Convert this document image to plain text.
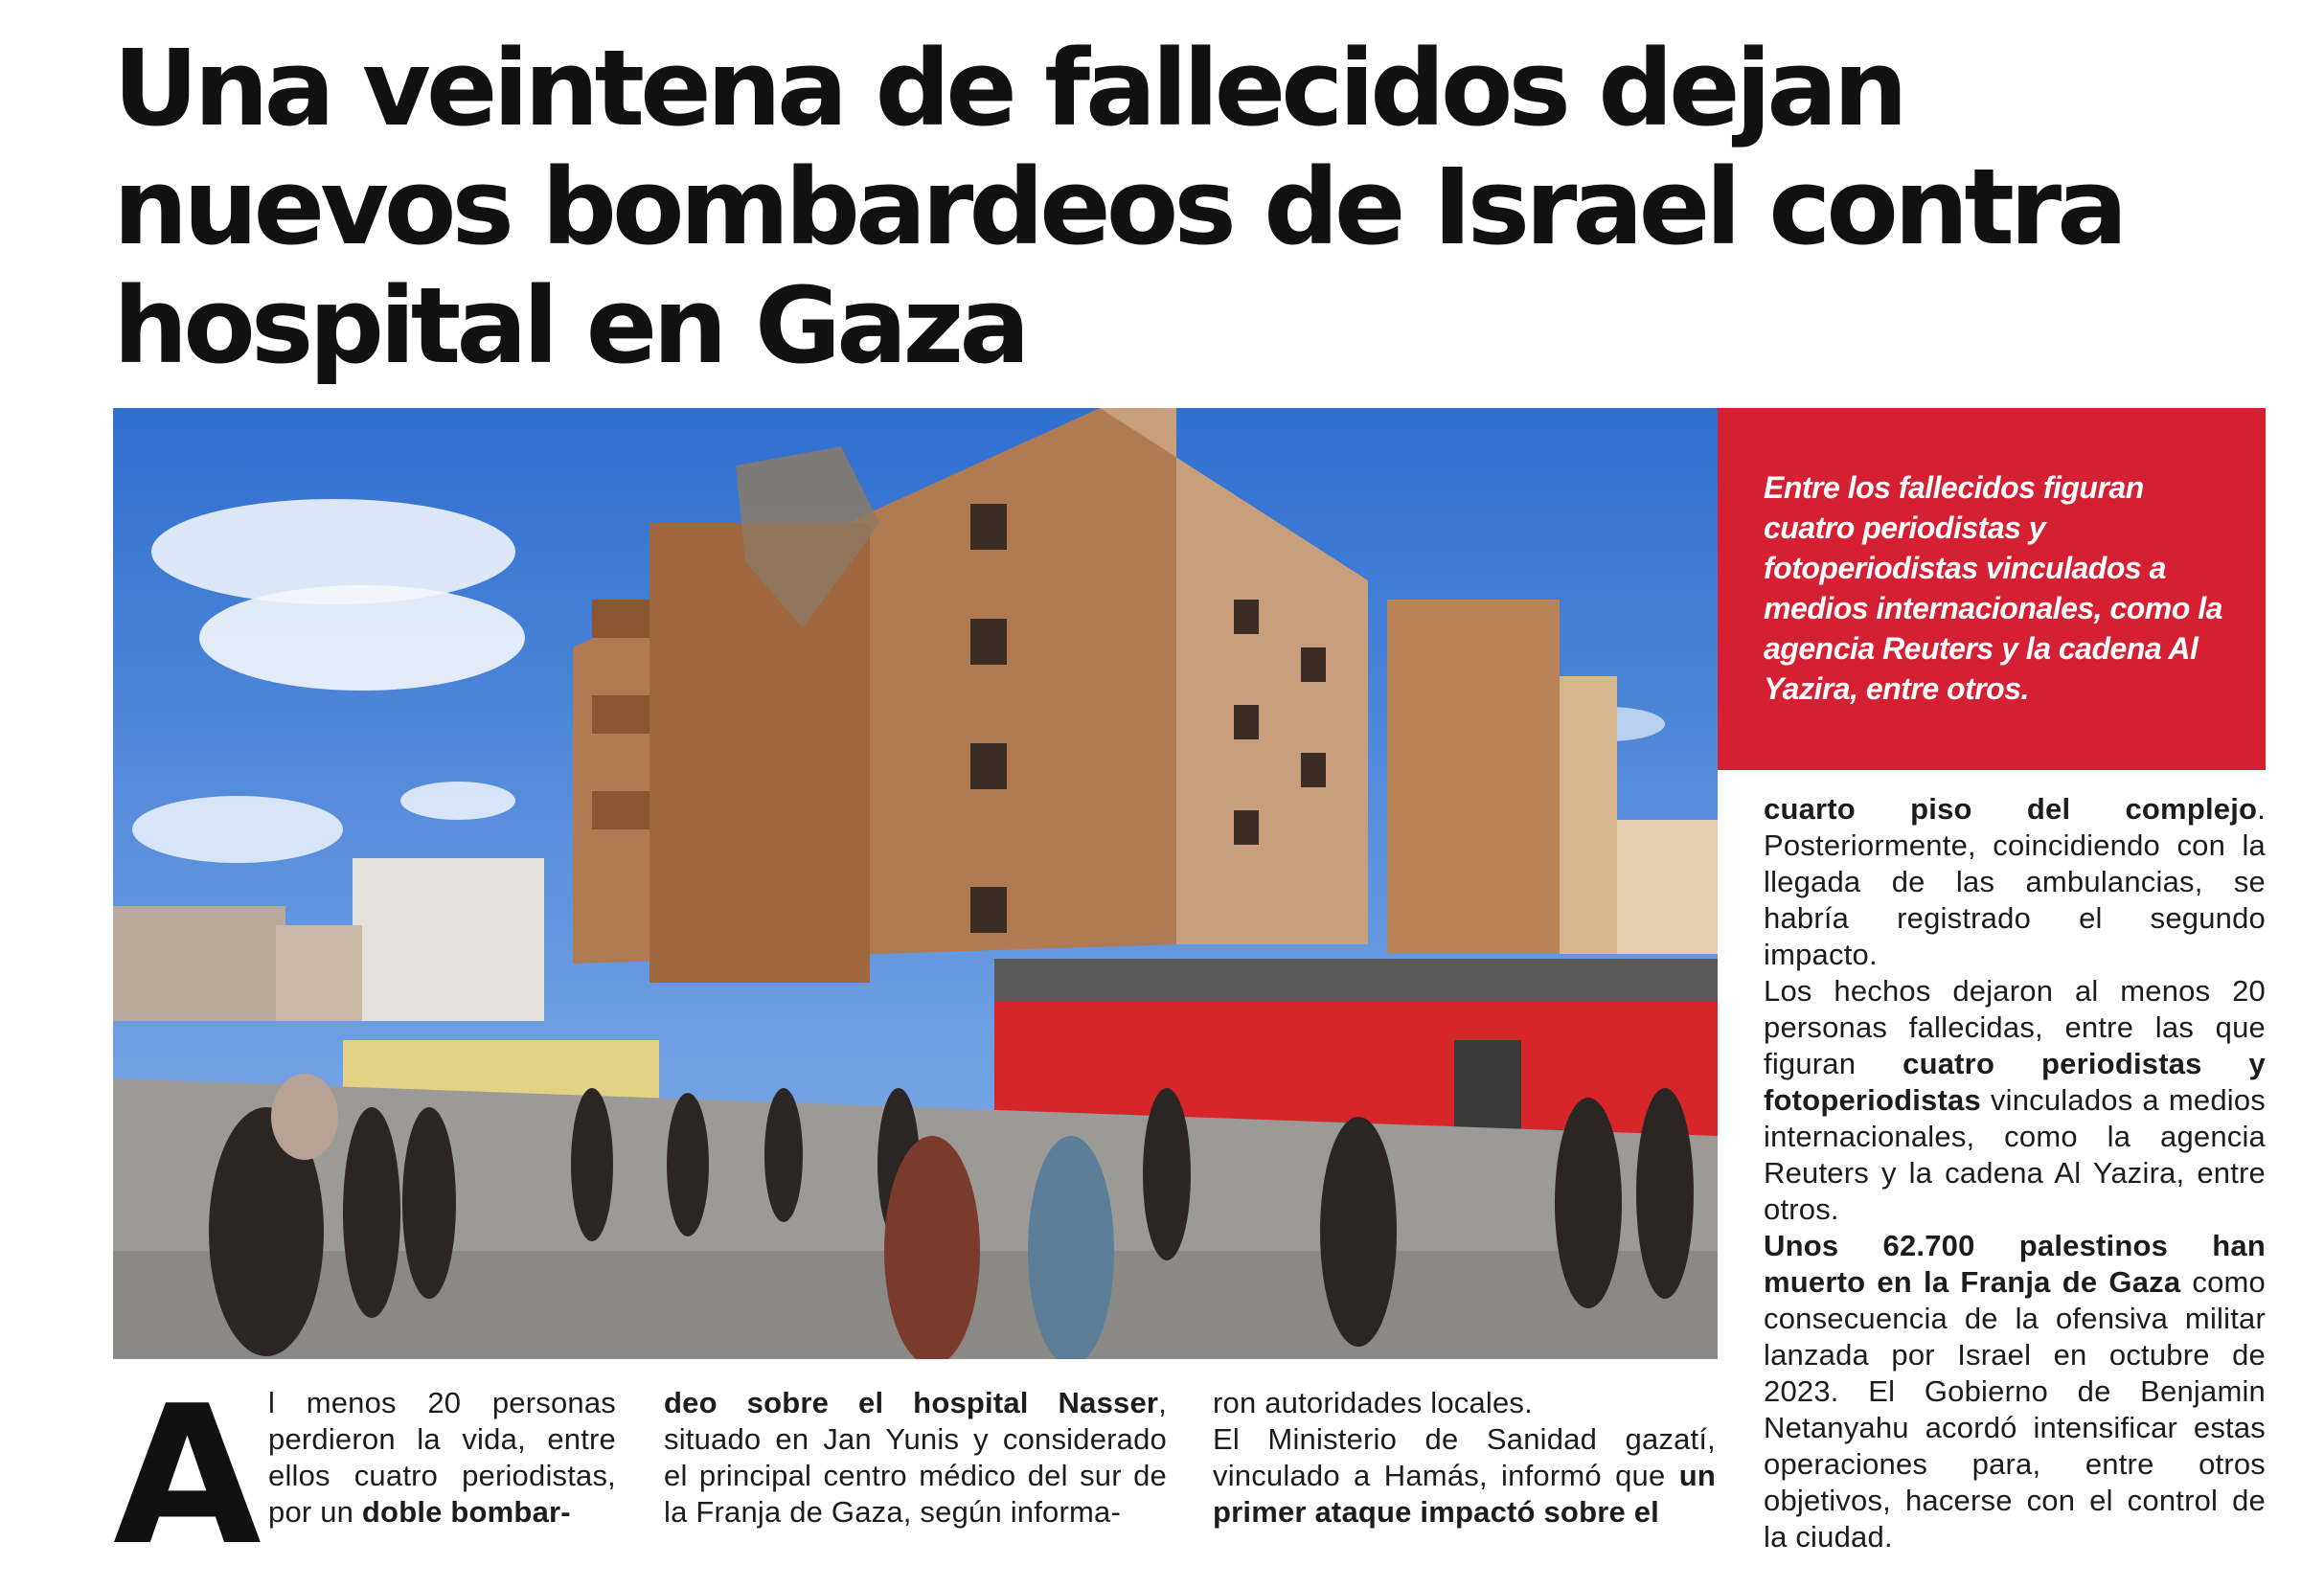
Una veintena de fallecidos dejan nuevos bombardeos de Israel contra hospital en Gaza

Entre los fallecidos figuran cuatro periodistas y fotoperiodistas vinculados a medios internacionales, como la agencia Reuters y la cadena Al Yazira, entre otros.

A l menos 20 personas perdieron la vida, entre ellos cuatro periodistas, por un doble bombar-

deo sobre el hospital Nasser, situado en Jan Yunis y considerado el principal centro médico del sur de la Franja de Gaza, según informa-

ron autoridades locales.

El Ministerio de Sanidad gazatí, vinculado a Hamás, informó que un primer ataque impactó sobre el

cuarto piso del complejo. Posteriormente, coincidiendo con la llegada de las ambulancias, se habría registrado el segundo impacto.

Los hechos dejaron al menos 20 personas fallecidas, entre las que figuran cuatro periodistas y fotoperiodistas vinculados a medios internacionales, como la agencia Reuters y la cadena Al Yazira, entre otros.

Unos 62.700 palestinos han muerto en la Franja de Gaza como consecuencia de la ofensiva militar lanzada por Israel en octubre de 2023. El Gobierno de Benjamin Netanyahu acordó intensificar estas operaciones para, entre otros objetivos, hacerse con el control de la ciudad.
